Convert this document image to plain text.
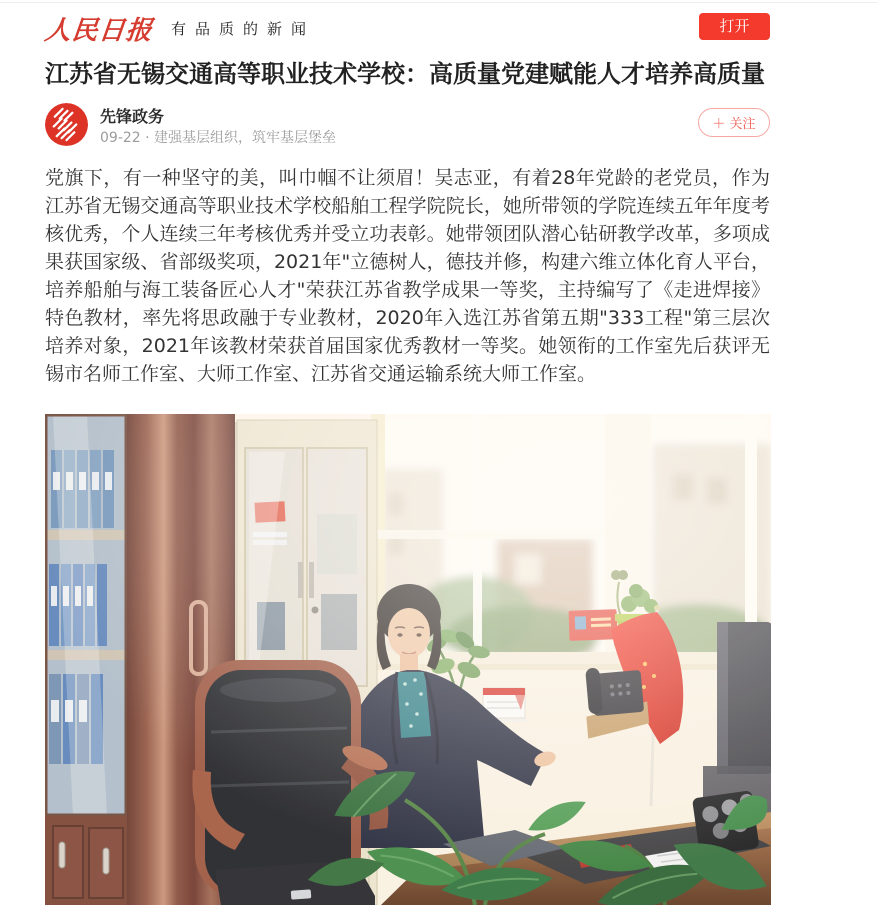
人民日报 有品质的新闻	打开
江苏省无锡交通高等职业技术学校：高质量党建赋能人才培养高质量
先锋政务
09-22 · 建强基层组织，筑牢基层堡垒
＋ 关注

党旗下，有一种坚守的美，叫巾帼不让须眉！吴志亚，有着28年党龄的老党员，作为江苏省无锡交通高等职业技术学校船舶工程学院院长，她所带领的学院连续五年年度考核优秀，个人连续三年考核优秀并受立功表彰。她带领团队潜心钻研教学改革，多项成果获国家级、省部级奖项，2021年"立德树人，德技并修，构建六维立体化育人平台，培养船舶与海工装备匠心人才"荣获江苏省教学成果一等奖，主持编写了《走进焊接》特色教材，率先将思政融于专业教材，2020年入选江苏省第五期"333工程"第三层次培养对象，2021年该教材荣获首届国家优秀教材一等奖。她领衔的工作室先后获评无锡市名师工作室、大师工作室、江苏省交通运输系统大师工作室。
